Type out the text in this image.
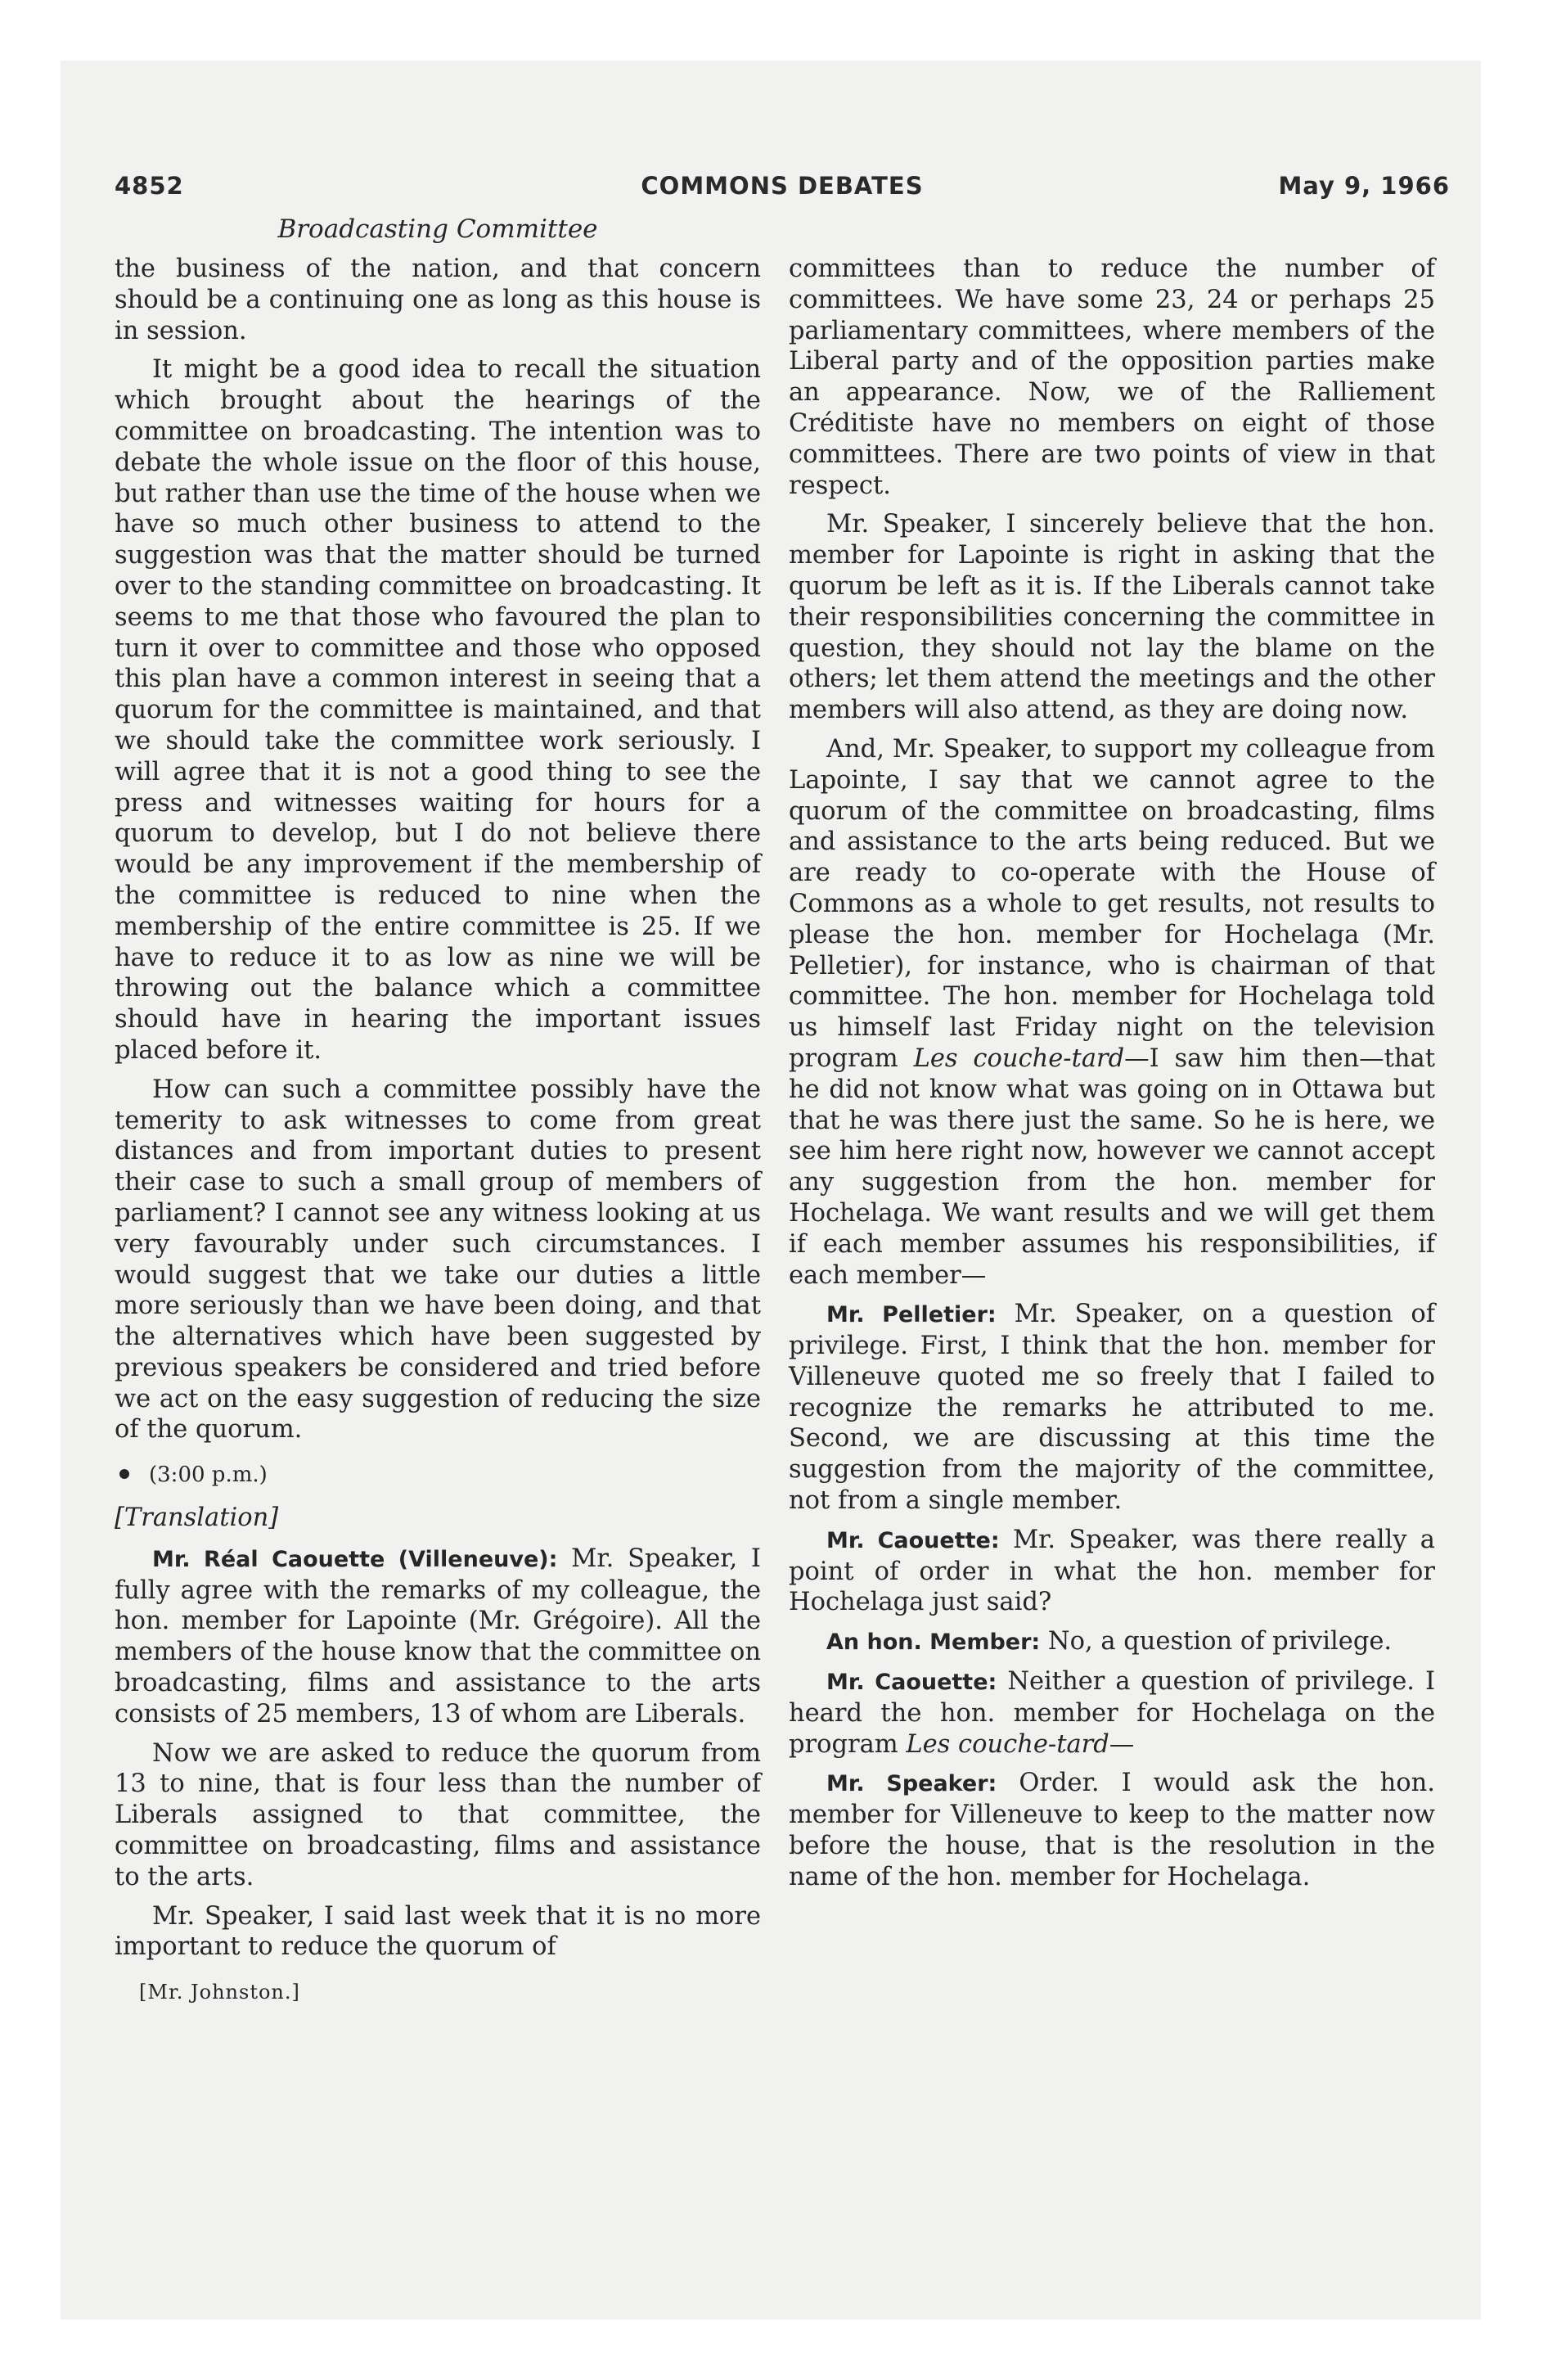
4852	COMMONS DEBATES	May 9, 1966
Broadcasting Committee

the business of the nation, and that concern should be a continuing one as long as this house is in session.

It might be a good idea to recall the situation which brought about the hearings of the committee on broadcasting. The intention was to debate the whole issue on the floor of this house, but rather than use the time of the house when we have so much other business to attend to the suggestion was that the matter should be turned over to the standing committee on broadcasting. It seems to me that those who favoured the plan to turn it over to committee and those who opposed this plan have a common interest in seeing that a quorum for the committee is maintained, and that we should take the committee work seriously. I will agree that it is not a good thing to see the press and witnesses waiting for hours for a quorum to develop, but I do not believe there would be any improvement if the membership of the committee is reduced to nine when the membership of the entire committee is 25. If we have to reduce it to as low as nine we will be throwing out the balance which a committee should have in hearing the important issues placed before it.

How can such a committee possibly have the temerity to ask witnesses to come from great distances and from important duties to present their case to such a small group of members of parliament? I cannot see any witness looking at us very favourably under such circumstances. I would suggest that we take our duties a little more seriously than we have been doing, and that the alternatives which have been suggested by previous speakers be considered and tried before we act on the easy suggestion of reducing the size of the quorum.

(3:00 p.m.)
[Translation]

Mr. Réal Caouette (Villeneuve): Mr. Speaker, I fully agree with the remarks of my colleague, the hon. member for Lapointe (Mr. Grégoire). All the members of the house know that the committee on broadcasting, films and assistance to the arts consists of 25 members, 13 of whom are Liberals.

Now we are asked to reduce the quorum from 13 to nine, that is four less than the number of Liberals assigned to that committee, the committee on broadcasting, films and assistance to the arts.

Mr. Speaker, I said last week that it is no more important to reduce the quorum of

[Mr. Johnston.]

committees than to reduce the number of committees. We have some 23, 24 or perhaps 25 parliamentary committees, where members of the Liberal party and of the opposition parties make an appearance. Now, we of the Ralliement Créditiste have no members on eight of those committees. There are two points of view in that respect.

Mr. Speaker, I sincerely believe that the hon. member for Lapointe is right in asking that the quorum be left as it is. If the Liberals cannot take their responsibilities concerning the committee in question, they should not lay the blame on the others; let them attend the meetings and the other members will also attend, as they are doing now.

And, Mr. Speaker, to support my colleague from Lapointe, I say that we cannot agree to the quorum of the committee on broadcasting, films and assistance to the arts being reduced. But we are ready to co-operate with the House of Commons as a whole to get results, not results to please the hon. member for Hochelaga (Mr. Pelletier), for instance, who is chairman of that committee. The hon. member for Hochelaga told us himself last Friday night on the television program Les couche-tard—I saw him then—that he did not know what was going on in Ottawa but that he was there just the same. So he is here, we see him here right now, however we cannot accept any suggestion from the hon. member for Hochelaga. We want results and we will get them if each member assumes his responsibilities, if each member—

Mr. Pelletier: Mr. Speaker, on a question of privilege. First, I think that the hon. member for Villeneuve quoted me so freely that I failed to recognize the remarks he attributed to me. Second, we are discussing at this time the suggestion from the majority of the committee, not from a single member.

Mr. Caouette: Mr. Speaker, was there really a point of order in what the hon. member for Hochelaga just said?

An hon. Member: No, a question of privilege.

Mr. Caouette: Neither a question of privilege. I heard the hon. member for Hochelaga on the program Les couche-tard—

Mr. Speaker: Order. I would ask the hon. member for Villeneuve to keep to the matter now before the house, that is the resolution in the name of the hon. member for Hochelaga.
